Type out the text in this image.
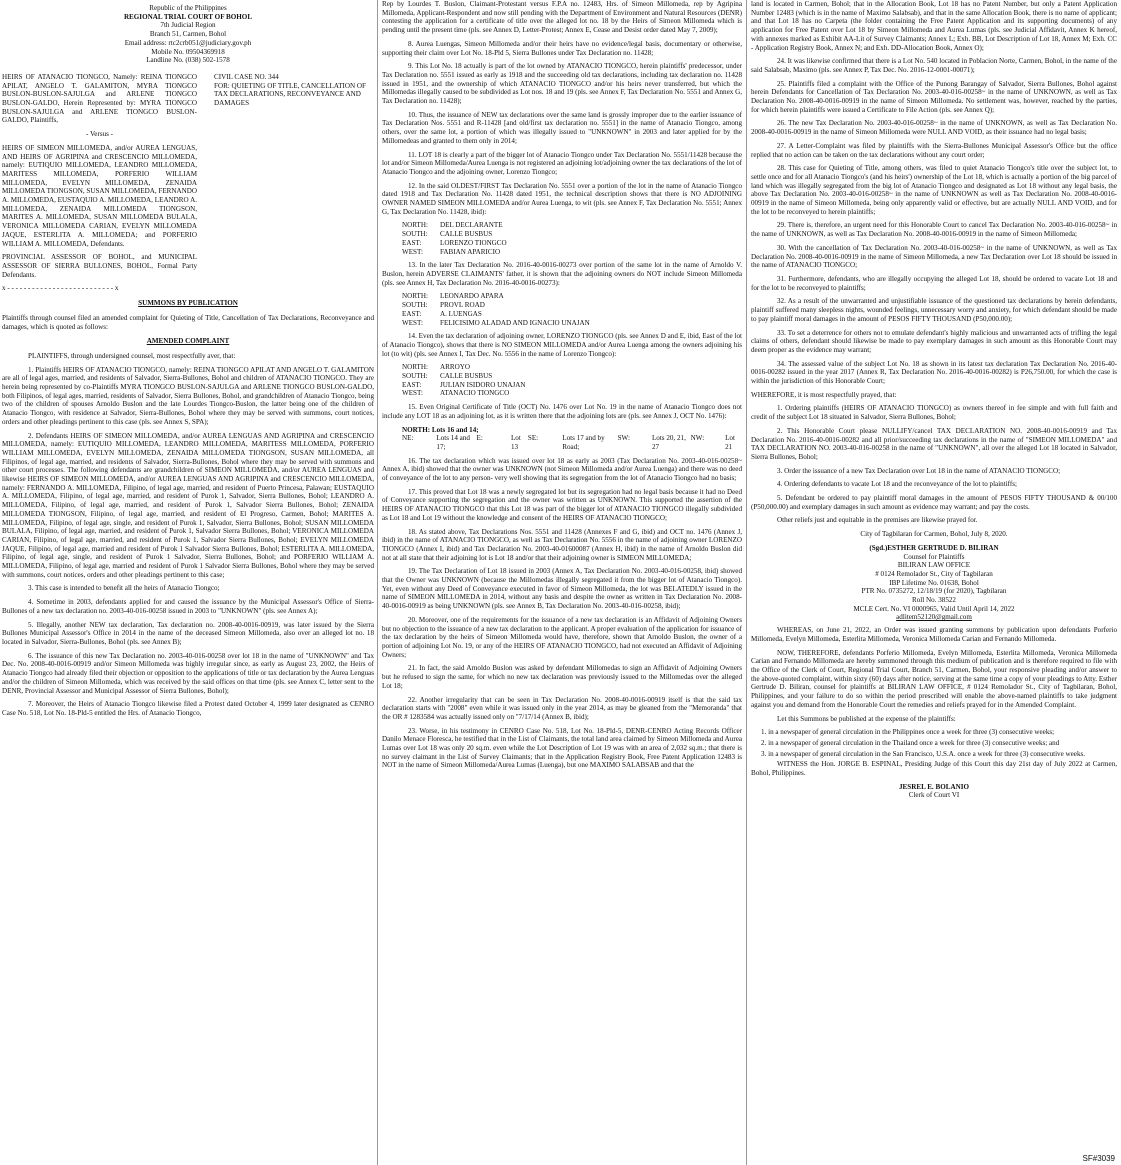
Republic of the Philippines
REGIONAL TRIAL COURT OF BOHOL
7th Judicial Region
Branch 51, Carmen, Bohol
Email address: rtc2crb051@judiciary.gov.ph
Mobile No. 09504369918
Landline No. (038) 502-1578

HEIRS OF ATANACIO TIONGCO, Namely: REINA TIONGCO APILAT, ANGELO T. GALAMITON, MYRA TIONGCO BUSLON-BUSLON-SAJULGA and ARLENE TIONGCO BUSLON-GALDO, Herein Represented by: MYRA TIONGCO BUSLON-SAJULGA and ARLENE TIONGCO BUSLON-GALDO, Plaintiffs,

- Versus -

HEIRS OF SIMEON MILLOMEDA, and/or AUREA LENGUAS, AND HEIRS OF AGRIPINA and CRESCENCIO MILLOMEDA, namely: EUTIQUIO MILLOMEDA, LEANDRO MILLOMEDA, MARITESS MILLOMEDA, PORFERIO WILLIAM MILLOMEDA, EVELYN MILLOMEDA, ZENAIDA MILLOMEDA TIONGSON, SUSAN MILLOMEDA, FERNANDO A. MILLOMEDA, EUSTAQUIO A. MILLOMEDA, LEANDRO A. MILLOMEDA, ZENAIDA MILLOMEDA TIONGSON, MARITES A. MILLOMEDA, SUSAN MILLOMEDA BULALA, VERONICA MILLOMEDA CARIAN, EVELYN MILLOMEDA JAQUE, ESTERLITA A. MILLOMEDA; and PORFERIO WILLIAM A. MILLOMEDA, Defendants.

PROVINCIAL ASSESSOR OF BOHOL, and MUNICIPAL ASSESSOR OF SIERRA BULLONES, BOHOL, Formal Party Defendants.

CIVIL CASE NO. 344
FOR: QUIETING OF TITLE, CANCELLATION OF TAX DECLARATIONS, RECONVEYANCE AND DAMAGES
x - - - - - - - - - - - - - - - - - - - - - - - - - - x
SUMMONS BY PUBLICATION

Plaintiffs through counsel filed an amended complaint for Quieting of Title, Cancellation of Tax Declarations, Reconveyance and damages, which is quoted as follows:

AMENDED COMPLAINT

PLAINTIFFS, through undersigned counsel, most respectfully aver, that:

1. Plaintiffs HEIRS OF ATANACIO TIONGCO, namely: REINA TIONGCO APILAT AND ANGELO T. GALAMITON are all of legal ages, married, and residents of Salvador, Sierra-Bullones, Bohol and children of ATANACIO TIONGCO. They are herein being represented by co-Plaintiffs MYRA TIONGCO BUSLON-SAJULGA and ARLENE TIONGCO BUSLON-GALDO, both Filipinos, of legal ages, married, residents of Salvador, Sierra Bullones, Bohol, and grandchildren of Atanacio Tiongco, being two of the children of spouses Arnoldo Buslon and the late Lourdes Tiongco-Buslon, the latter being one of the children of Atanacio Tiongco, with residence at Salvador, Sierra-Bullones, Bohol where they may be served with summons, court notices, orders and other pleadings pertinent to this case (pls. see Annex S, SPA);

2. Defendants HEIRS OF SIMEON MILLOMEDA, and/or AUREA LENGUAS AND AGRIPINA and CRESCENCIO MILLOMEDA, namely: EUTIQUIO MILLOMEDA, LEANDRO MILLOMEDA, MARITESS MILLOMEDA, PORFERIO WILLIAM MILLOMEDA, EVELYN MILLOMEDA, ZENAIDA MILLOMEDA TIONGSON, SUSAN MILLOMEDA, all Filipinos, of legal age, married, and residents of Salvador, Sierra-Bullones, Bohol where they may be served with summons and other court processes. The following defendants are grandchildren of SIMEON MILLOMEDA, and/or AUREA LENGUAS and likewise HEIRS OF SIMEON MILLOMEDA, and/or AUREA LENGUAS AND AGRIPINA and CRESCENCIO MILLOMEDA, namely: FERNANDO A. MILLOMEDA, Filipino, of legal age, married, and resident of Puerto Princesa, Palawan; EUSTAQUIO A. MILLOMEDA, Filipino, of legal age, married, and resident of Purok 1, Salvador, Sierra Bullones, Bohol; LEANDRO A. MILLOMEDA, Filipino, of legal age, married, and resident of Purok 1, Salvador Sierra Bullones, Bohol; ZENAIDA MILLOMEDA TIONGSON, Filipino, of legal age, married, and resident of El Progreso, Carmen, Bohol; MARITES A. MILLOMEDA, Filipino, of legal age, single, and resident of Purok 1, Salvador, Sierra Bullones, Bohol; SUSAN MILLOMEDA BULALA, Filipino, of legal age, married, and resident of Purok 1, Salvador Sierra Bullones, Bohol; VERONICA MILLOMEDA CARIAN, Filipino, of legal age, married, and resident of Purok 1, Salvador Sierra Bullones, Bohol; EVELYN MILLOMEDA JAQUE, Filipino, of legal age, married and resident of Purok 1 Salvador Sierra Bullones, Bohol; ESTERLITA A. MILLOMEDA, Filipino, of legal age, single, and resident of Purok 1 Salvador, Sierra Bullones, Bohol; and PORFERIO WILLIAM A. MILLOMEDA, Filipino, of legal age, married and resident of Purok 1 Salvador Sierra Bullones, Bohol where they may be served with summons, court notices, orders and other pleadings pertinent to this case;

3. This case is intended to benefit all the heirs of Atanacio Tiongco;

4. Sometime in 2003, defendants applied for and caused the issuance by the Municipal Assessor's Office of Sierra-Bullones of a new tax declaration no. 2003-40-016-00258 issued in 2003 to "UNKNOWN" (pls. see Annex A);

5. Illegally, another NEW tax declaration, Tax declaration no. 2008-40-0016-00919, was later issued by the Sierra Bullones Municipal Assessor's Office in 2014 in the name of the deceased Simeon Millomeda, also over an alleged lot no. 18 located in Salvador, Sierra-Bullones, Bohol (pls. see Annex B);

6. The issuance of this new Tax Declaration no. 2003-40-016-00258 over lot 18 in the name of "UNKNOWN" and Tax Dec. No. 2008-40-0016-00919 and/or Simeon Millomeda was highly irregular since, as early as August 23, 2002, the Heirs of Atanacio Tiongco had already filed their objection or opposition to the applications of title or tax declaration by the Aurea Lenguas and/or the children of Simeon Millomeda, which was received by the said offices on that time (pls. see Annex C, letter sent to the DENR, Provincial Assessor and Municipal Assessor of Sierra Bullones, Bohol);

7. Moreover, the Heirs of Atanacio Tiongco likewise filed a Protest dated October 4, 1999 later designated as CENRO Case No. 518, Lot No. 18-Pld-5 entitled the Hrs. of Atanacio Tiongco,

Rep by Lourdes T. Buslon, Claimant-Protestant versus F.P.A no. 12483, Hrs. of Simeon Millomeda, rep by Agripina Millomeda, Applicant-Respondent and now still pending with the Department of Environment and Natural Resources (DENR) contesting the application for a certificate of title over the alleged lot no. 18 by the Heirs of Simeon Millomeda which is pending until the present time (pls. see Annex D, Letter-Protest; Annex E, Cease and Desist order dated May 7, 2009);

8. Aurea Luengas, Simeon Millomeda and/or their heirs have no evidence/legal basis, documentary or otherwise, supporting their claim over Lot No. 18-Pld 5, Sierra Bullones under Tax Declaration no. 11428;

9. This Lot No. 18 actually is part of the lot owned by ATANACIO TIONGCO, herein plaintiffs' predecessor, under Tax Declaration no. 5551 issued as early as 1918 and the succeeding old tax declarations, including tax declaration no. 11428 issued in 1951, and the ownership of which ATANACIO TIONGCO and/or his heirs never transferred, but which the Millomedas illegally caused to be subdivided as Lot nos. 18 and 19 (pls. see Annex F, Tax Declaration No. 5551 and Annex G, Tax Declaration no. 11428);

10. Thus, the issuance of NEW tax declarations over the same land is grossly improper due to the earlier issuance of Tax Declaration Nos. 5551 and R-11428 [and old/first tax declaration no. 5551] in the name of Atanacio Tiongco, among others, over the same lot, a portion of which was illegally issued to "UNKNOWN" in 2003 and later applied for by the Millomedeas and granted to them only in 2014;

11. LOT 18 is clearly a part of the bigger lot of Atanacio Tiongco under Tax Declaration No. 5551/11428 because the lot and/or Simeon Millomeda/Aurea Luenga is not registered an adjoining lot/adjoining owner the tax declarations of the lot of Atanacio Tiongco and the adjoining owner, Lorenzo Tiongco;

12. In the said OLDEST/FIRST Tax Declaration No. 5551 over a portion of the lot in the name of Atanacio Tiongco dated 1918 and Tax Declaration No. 11428 dated 1951, the technical description shows that there is NO ADJOINING OWNER NAMED SIMEON MILLOMEDA and/or Aurea Luenga, to wit (pls. see Annex F, Tax Declaration No. 5551; Annex G, Tax Declaration No. 11428, ibid):

NORTH:	DEL DECLARANTE
SOUTH:	CALLE BUSBUS
EAST:	LORENZO TIONGCO
WEST:	FABIAN APARICIO

13. In the later Tax Declaration No. 2016-40-0016-00273 over portion of the same lot in the name of Arnoldo V. Buslon, herein ADVERSE CLAIMANTS' father, it is shown that the adjoining owners do NOT include Simeon Millomeda (pls. see Annex H, Tax Declaration No. 2016-40-0016-00273):

NORTH:	LEONARDO APARA
SOUTH:	PROVL ROAD
EAST:	A. LUENGAS
WEST:	FELICISIMO ALADAD AND IGNACIO UNAJAN

14. Even the tax declaration of adjoining owner, LORENZO TIONGCO (pls. see Annex D and E, ibid, East of the lot of Atanacio Tiongco), shows that there is NO SIMEON MILLOMEDA and/or Aurea Luenga among the owners adjoining his lot (to wit) (pls. see Annex I, Tax Dec. No. 5556 in the name of Lorenzo Tiongco):

NORTH:	ARROYO
SOUTH:	CALLE BUSBUS
EAST:	JULIAN ISIDORO UNAJAN
WEST:	ATANACIO TIONGCO

15. Even Original Certificate of Title (OCT) No. 1476 over Lot No. 19 in the name of Atanacio Tiongco does not include any LOT 18 as an adjoining lot, as it is written there that the adjoining lots are (pls. see Annex J, OCT No. 1476):

NORTH: Lots 16 and 14;
NE:	Lots 14 and 17;
E:	Lot 13
SE:	Lots 17 and by Road;
SW:	Lots 20, 21, 27
NW:	Lot 21

16. The tax declaration which was issued over lot 18 as early as 2003 (Tax Declaration No. 2003-40-016-00258~ Annex A, ibid) showed that the owner was UNKNOWN (not Simeon Millomeda and/or Aurea Luenga) and there was no deed of conveyance of the lot to any person- very well showing that its segregation from the lot of Atanacio Tiongco had no basis;

17. This proved that Lot 18 was a newly segregated lot but its segregation had no legal basis because it had no Deed of Conveyance supporting the segregation and the owner was written as UNKNOWN. This supported the assertion of the HEIRS OF ATANACIO TIONGCO that this Lot 18 was part of the bigger lot of ATANACIO TIONGCO illegally subdivided as Lot 18 and Lot 19 without the knowledge and consent of the HEIRS OF ATANACIO TIONGCO;

18. As stated above, Tax Declarations Nos. 5551 and 11428 (Annexes F and G, ibid) and OCT no. 1476 (Annex J, ibid) in the name of ATANACIO TIONGCO, as well as Tax Declaration No. 5556 in the name of adjoining owner LORENZO TIONGCO (Annex I, ibid) and Tax Declaration No. 2003-40-01600087 (Annex H, ibid) in the name of Arnoldo Buslon did not at all state that their adjoining lot is Lot 18 and/or that their adjoining owner is SIMEON MILLOMEDA;

19. The Tax Declaration of Lot 18 issued in 2003 (Annex A, Tax Declaration No. 2003-40-016-00258, ibid) showed that the Owner was UNKNOWN (because the Millomedas illegally segregated it from the bigger lot of Atanacio Tiongco). Yet, even without any Deed of Conveyance executed in favor of Simeon Millomeda, the lot was BELATEDLY issued in the name of SIMEON MILLOMEDA in 2014, without any basis and despite the owner as written in Tax Declaration No. 2008-40-0016-00919 as being UNKNOWN (pls. see Annex B, Tax Declaration No. 2003-40-016-00258, ibid);

20. Moreover, one of the requirements for the issuance of a new tax declaration is an Affidavit of Adjoining Owners but no objection to the issuance of a new tax declaration to the applicant. A proper evaluation of the application for issuance of the tax declaration by the heirs of Simeon Millomeda would have, therefore, shown that Arnoldo Buslon, the owner of a portion of adjoining Lot No. 19, or any of the HEIRS OF ATANACIO TIONGCO, had not executed an Affidavit of Adjoining Owners;

21. In fact, the said Arnoldo Buslon was asked by defendant Millomedas to sign an Affidavit of Adjoining Owners but he refused to sign the same, for which no new tax declaration was previously issued to the Millomedas over the alleged Lot 18;

22. Another irregularity that can be seen in Tax Declaration No. 2008-40-0016-00919 itself is that the said tax declaration starts with "2008" even while it was issued only in the year 2014, as may be gleaned from the "Memoranda" that the OR # 1283584 was actually issued only on "7/17/14 (Annex B, ibid);

23. Worse, in his testimony in CENRO Case No. 518, Lot No. 18-Pld-5, DENR-CENRO Acting Records Officer Danilo Menace Floresca, he testified that in the List of Claimants, the total land area claimed by Simeon Millomeda and Aurea Lumas over Lot 18 was only 20 sq.m. even while the Lot Description of Lot 19 was with an area of 2,032 sq.m.; that there is no survey claimant in the List of Survey Claimants; that in the Application Registry Book, Free Patent Application 12483 is NOT in the name of Simeon Millomeda/Aurea Lumas (Luenga), but one MAXIMO SALABSAB and that the

land is located in Carmen, Bohol; that in the Allocation Book, Lot 18 has no Patent Number, but only a Patent Application Number 12483 (which is in the name of Maximo Salabsab), and that in the same Allocation Book, there is no name of applicant; and that Lot 18 has no Carpeta (the folder containing the Free Patent Application and its supporting documents) of any application for Free Patent over Lot 18 by Simeon Millomeda and Aurea Lumas (pls. see Judicial Affidavit, Annex K hereof, with annexes marked as Exhibit AA-Lit of Survey Claimants; Annex L; Exh. BB, Lot Description of Lot 18, Annex M; Exh. CC - Application Registry Book, Annex N; and Exh. DD-Allocation Book, Annex O);

24. It was likewise confirmed that there is a Lot No. 540 located in Poblacion Norte, Carmen, Bohol, in the name of the said Salabsab, Maximo (pls. see Annex P, Tax Dec. No. 2016-12-0001-00071);

25. Plaintiffs filed a complaint with the Office of the Punong Barangay of Salvador, Sierra Bullones, Bohol against herein Defendants for Cancellation of Tax Declaration No. 2003-40-016-00258~ in the name of UNKNOWN, as well as Tax Declaration No. 2008-40-0016-00919 in the name of Simeon Millomeda. No settlement was, however, reached by the parties, for which herein plaintiffs were issued a Certificate to File Action (pls. see Annex Q);

26. The new Tax Declaration No. 2003-40-016-00258~ in the name of UNKNOWN, as well as Tax Declaration No. 2008-40-0016-00919 in the name of Simeon Millomeda were NULL AND VOID, as their issuance had no legal basis;

27. A Letter-Complaint was filed by plaintiffs with the Sierra-Bullones Municipal Assessor's Office but the office replied that no action can be taken on the tax declarations without any court order;

28. This case for Quieting of Title, among others, was filed to quiet Atanacio Tiongco's title over the subject lot, to settle once and for all Atanacio Tiongco's (and his heirs') ownership of the Lot 18, which is actually a portion of the big parcel of land which was illegally segregated from the big lot of Atanacio Tiongco and designated as Lot 18 without any legal basis, the above Tax Declaration No. 2003-40-016-00258~ in the name of UNKNOWN as well as Tax Declaration No. 2008-40-0016-00919 in the name of Simeon Millomeda, being only apparently valid or effective, but are actually NULL AND VOID, and for the lot to be reconveyed to herein plaintiffs;

29. There is, therefore, an urgent need for this Honorable Court to cancel Tax Declaration No. 2003-40-016-00258~ in the name of UNKNOWN, as well as Tax Declaration No. 2008-40-0016-00919 in the name of Simeon Millomeda;

30. With the cancellation of Tax Declaration No. 2003-40-016-00258~ in the name of UNKNOWN, as well as Tax Declaration No. 2008-40-0016-00919 in the name of Simeon Millomeda, a new Tax Declaration over Lot 18 should be issued in the name of ATANACIO TIONGCO;

31. Furthermore, defendants, who are illegally occupying the alleged Lot 18, should be ordered to vacate Lot 18 and for the lot to be reconveyed to plaintiffs;

32. As a result of the unwarranted and unjustifiable issuance of the questioned tax declarations by herein defendants, plaintiff suffered many sleepless nights, wounded feelings, unnecessary worry and anxiety, for which defendant should be made to pay plaintiff moral damages in the amount of PESOS FIFTY THOUSAND (P50,000.00);

33. To set a deterrence for others not to emulate defendant's highly malicious and unwarranted acts of trifling the legal claims of others, defendant should likewise be made to pay exemplary damages in such amount as this Honorable Court may deem proper as the evidence may warrant;

34. The assessed value of the subject Lot No. 18 as shown in its latest tax declaration Tax Declaration No. 2016-40-0016-00282 issued in the year 2017 (Annex R, Tax Declaration No. 2016-40-0016-00282) is P26,750.00, for which the case is within the jurisdiction of this Honorable Court;

WHEREFORE, it is most respectfully prayed, that:

1. Ordering plaintiffs (HEIRS OF ATANACIO TIONGCO) as owners thereof in fee simple and with full faith and credit of the subject Lot 18 situated in Salvador, Sierra Bullones, Bohol;

2. This Honorable Court please NULLIFY/cancel TAX DECLARATION NO. 2008-40-0016-00919 and Tax Declaration No. 2016-40-0016-00282 and all prior/succeeding tax declarations in the name of "SIMEON MILLOMEDA" and TAX DECLARATION NO. 2003-40-016-00258 in the name of "UNKNOWN", all over the alleged Lot 18 located in Salvador, Sierra Bullones, Bohol;

3. Order the issuance of a new Tax Declaration over Lot 18 in the name of ATANACIO TIONGCO;

4. Ordering defendants to vacate Lot 18 and the reconveyance of the lot to plaintiffs;

5. Defendant be ordered to pay plaintiff moral damages in the amount of PESOS FIFTY THOUSAND & 00/100 (P50,000.00) and exemplary damages in such amount as evidence may warrant; and pay the costs.

Other reliefs just and equitable in the premises are likewise prayed for.

City of Tagbilaran for Carmen, Bohol, July 8, 2020.

(Sgd.)ESTHER GERTRUDE D. BILIRAN
Counsel for Plaintiffs
BILIRAN LAW OFFICE
# 0124 Remolador St., City of Tagbilaran
IBP Lifetime No. 01638, Bohol
PTR No. 0735272, 12/18/19 (for 2020), Tagbilaran
Roll No. 38522
MCLE Cert. No. VI 0000965, Valid Until April 14, 2022
adlitem52120@gmail.com

WHEREAS, on June 21, 2022, an Order was issued granting summons by publication upon defendants Porferio Millomeda, Evelyn Millomeda, Esterlita Millomeda, Veronica Millomeda Carian and Fernando Millomeda.

NOW, THEREFORE, defendants Porferio Millomeda, Evelyn Millomeda, Esterlita Millomeda, Veronica Millomeda Carian and Fernando Millomeda are hereby summoned through this medium of publication and is therefore required to file with the Office of the Clerk of Court, Regional Trial Court, Branch 51, Carmen, Bohol, your responsive pleading and/or answer to the above-quoted complaint, within sixty (60) days after notice, serving at the same time a copy of your pleadings to Atty. Esther Gertrude D. Biliran, counsel for plaintiffs at BILIRAN LAW OFFICE, # 0124 Remolador St., City of Tagbilaran, Bohol, Philippines, and your failure to do so within the period prescribed will enable the above-named plaintiffs to take judgment against you and demand from the Honorable Court the remedies and reliefs prayed for in the Amended Complaint.

Let this Summons be published at the expense of the plaintiffs:

1. in a newspaper of general circulation in the Philippines once a week for three (3) consecutive weeks;
2. in a newspaper of general circulation in the Thailand once a week for three (3) consecutive weeks; and
3. in a newspaper of general circulation in the San Francisco, U.S.A. once a week for three (3) consecutive weeks.

WITNESS the Hon. JORGE B. ESPINAL, Presiding Judge of this Court this day 21st day of July 2022 at Carmen, Bohol, Philippines.

JESREL E. BOLANIO
Clerk of Court VI
SF#3039
